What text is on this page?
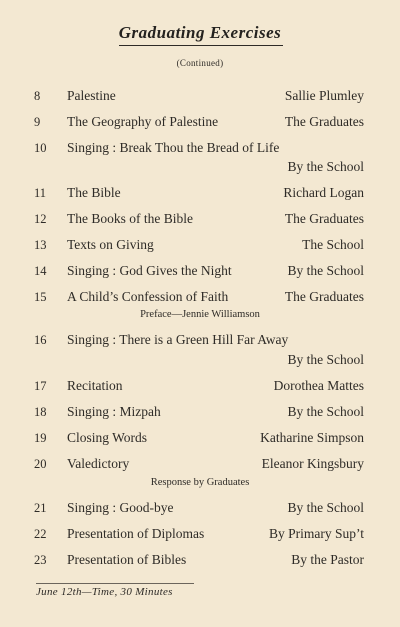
Graduating Exercises
(Continued)
8	Palestine	Sallie Plumley
9	The Geography of Palestine	The Graduates
10	Singing : Break Thou the Bread of Life
By the School
11	The Bible	Richard Logan
12	The Books of the Bible	The Graduates
13	Texts on Giving	The School
14	Singing : God Gives the Night	By the School
15	A Child’s Confession of Faith	The Graduates
Preface—Jennie Williamson
16	Singing : There is a Green Hill Far Away
By the School
17	Recitation	Dorothea Mattes
18	Singing : Mizpah	By the School
19	Closing Words	Katharine Simpson
20	Valedictory	Eleanor Kingsbury
Response by Graduates
21	Singing : Good-bye	By the School
22	Presentation of Diplomas	By Primary Sup’t
23	Presentation of Bibles	By the Pastor
June 12th—Time, 30 Minutes
